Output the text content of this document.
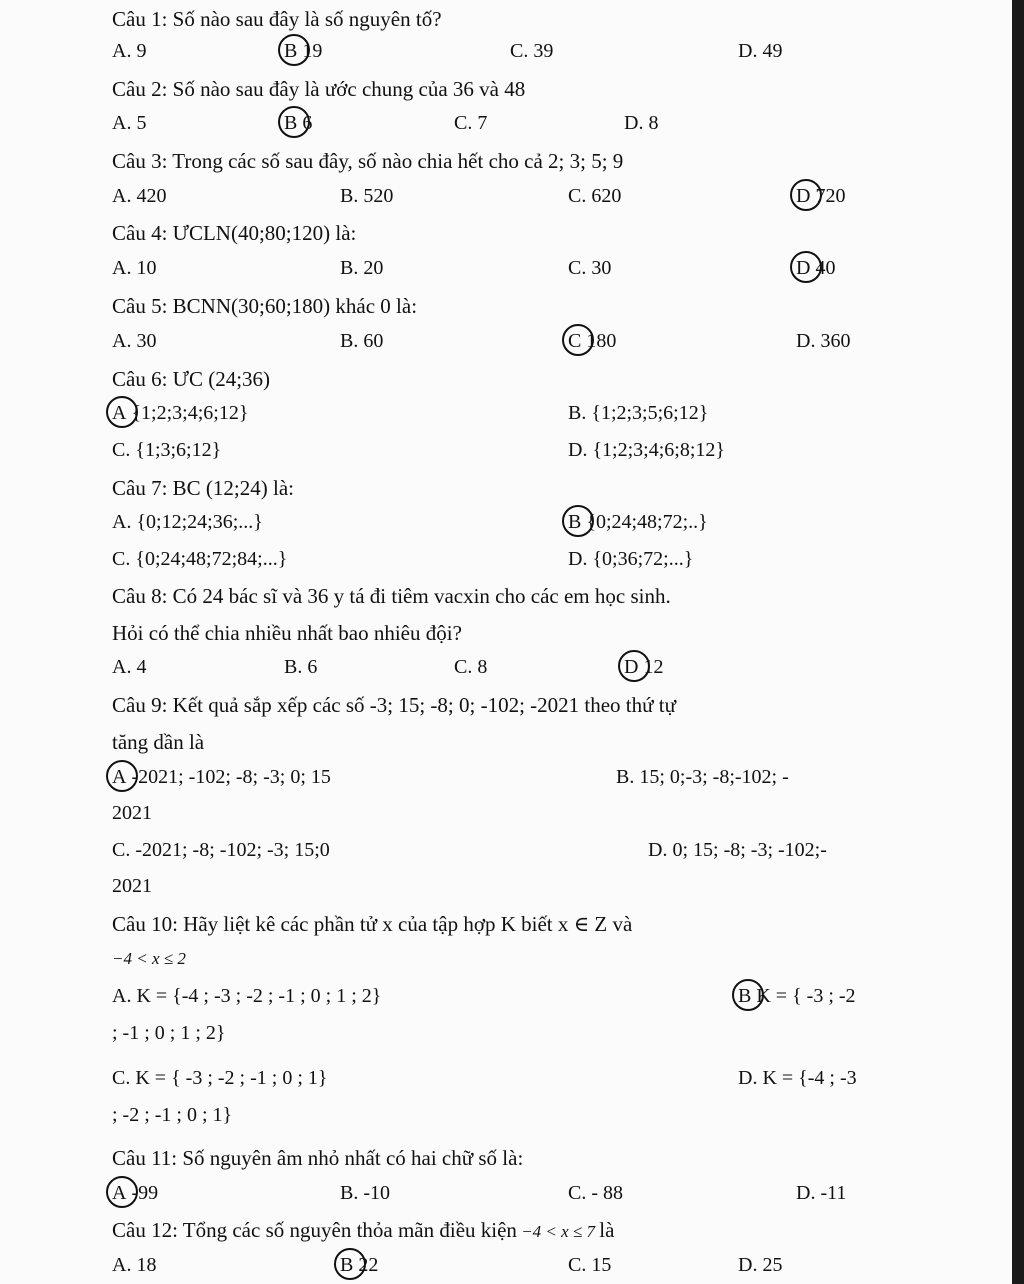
Câu 1: Số nào sau đây là số nguyên tố?
A. 9	B 19	C. 39	D. 49
Câu 2: Số nào sau đây là ước chung của 36 và 48
A. 5	B 6	C. 7	D. 8
Câu 3: Trong các số sau đây, số nào chia hết cho cả 2; 3; 5; 9
A. 420	B. 520	C. 620	D 720
Câu 4: ƯCLN(40;80;120) là:
A. 10	B. 20	C. 30	D 40
Câu 5: BCNN(30;60;180) khác 0 là:
A. 30	B. 60	C 180	D. 360
Câu 6: ƯC (24;36)
A {1;2;3;4;6;12}	B. {1;2;3;5;6;12}
C. {1;3;6;12}	D. {1;2;3;4;6;8;12}
Câu 7: BC (12;24) là:
A. {0;12;24;36;...}	B {0;24;48;72;..}
C. {0;24;48;72;84;...}	D. {0;36;72;...}
Câu 8: Có 24 bác sĩ và 36 y tá đi tiêm vacxin cho các em học sinh.
Hỏi có thể chia nhiều nhất bao nhiêu đội?
A. 4	B. 6	C. 8	D 12
Câu 9: Kết quả sắp xếp các số -3; 15; -8; 0; -102; -2021 theo thứ tự
tăng dần là
A -2021; -102; -8; -3; 0; 15	B. 15; 0;-3; -8;-102; -
2021
C. -2021; -8; -102; -3; 15;0	D. 0; 15; -8; -3; -102;-
2021
Câu 10: Hãy liệt kê các phần tử x của tập hợp K biết x ∈ Z và
−4 < x ≤ 2
A. K = {-4 ; -3 ; -2 ; -1 ; 0 ; 1 ; 2}	B K = { -3 ; -2
; -1 ; 0 ; 1 ; 2}
C. K = { -3 ; -2 ; -1 ; 0 ; 1}	D. K = {-4 ; -3
; -2 ; -1 ; 0 ; 1}
Câu 11: Số nguyên âm nhỏ nhất có hai chữ số là:
A -99	B. -10	C. - 88	D. -11
Câu 12: Tổng các số nguyên thỏa mãn điều kiện −4 < x ≤ 7 là
A. 18	B 22	C. 15	D. 25
